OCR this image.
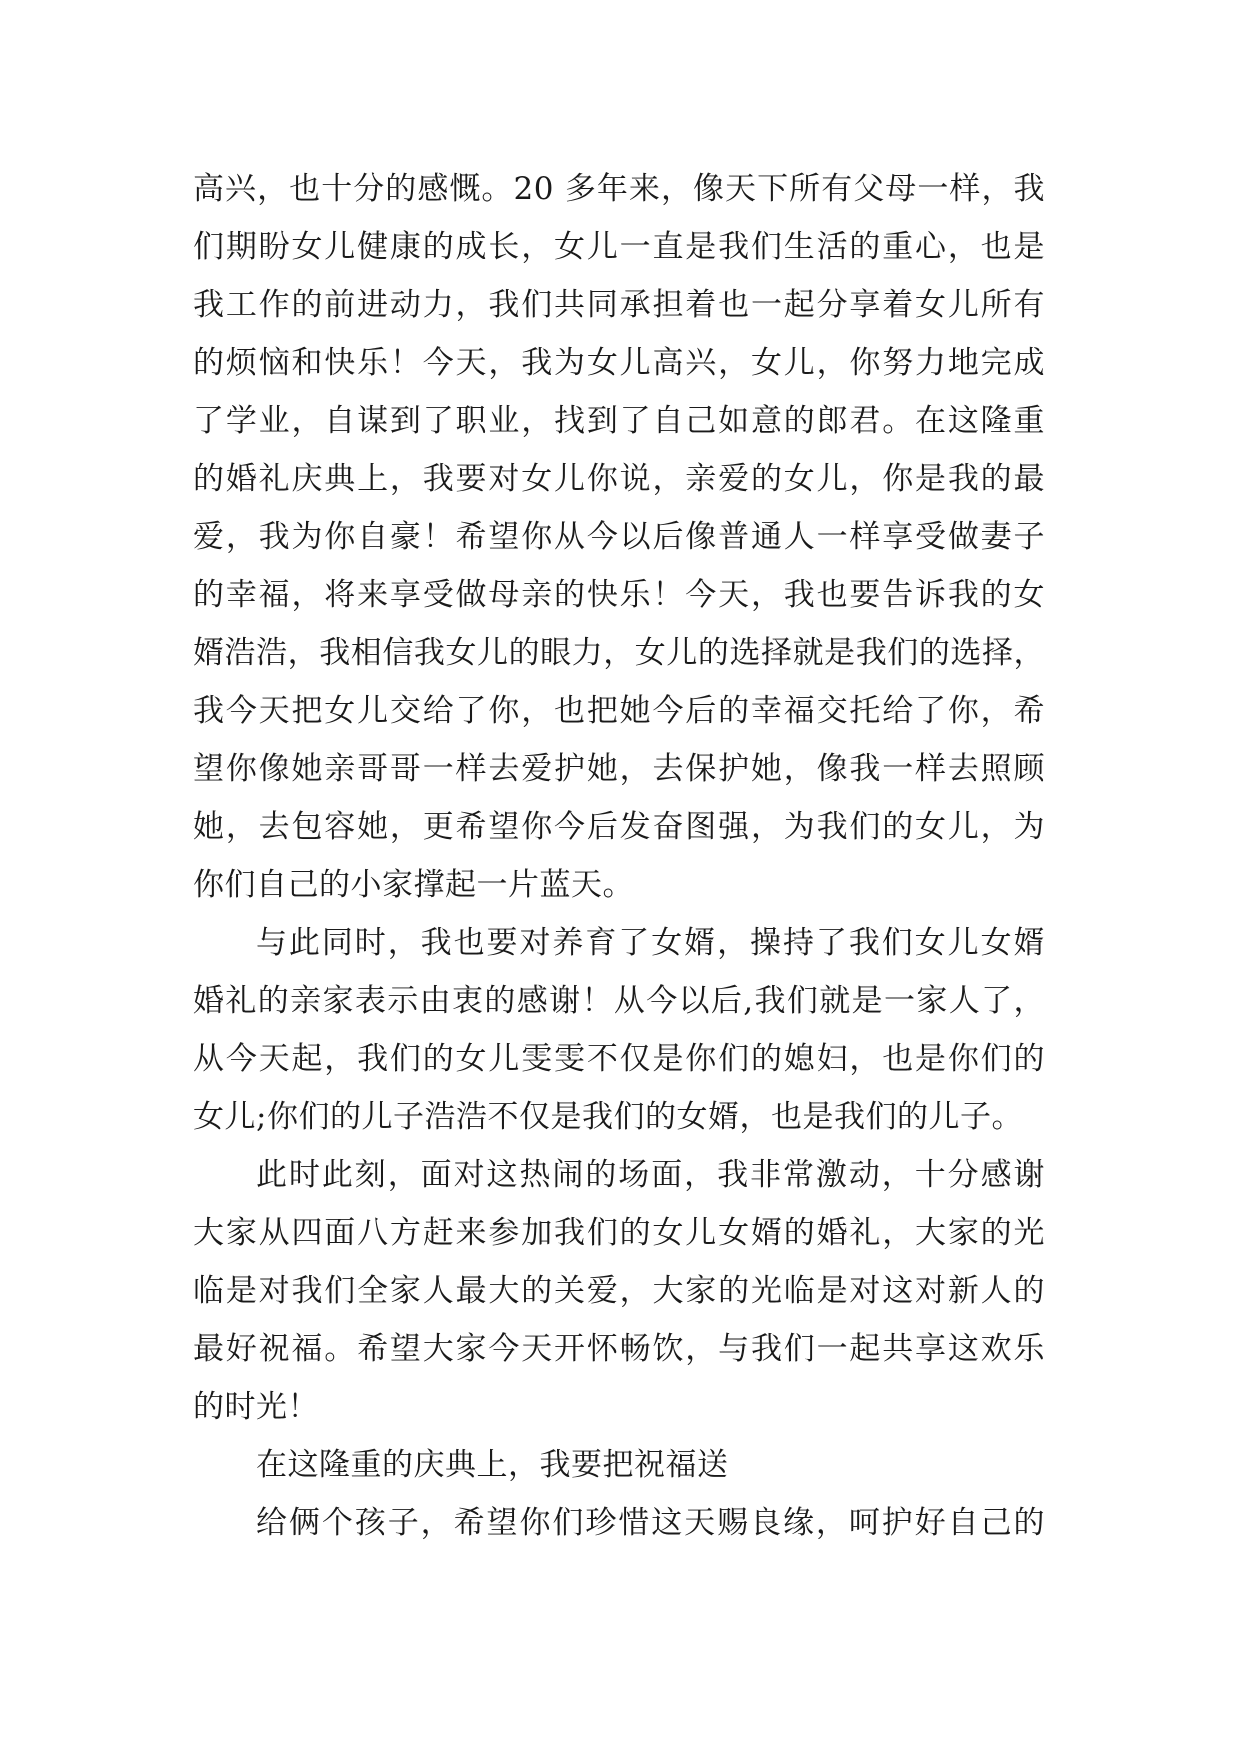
高兴，也十分的感慨。20 多年来，像天下所有父母一样，我
们期盼女儿健康的成长，女儿一直是我们生活的重心，也是
我工作的前进动力，我们共同承担着也一起分享着女儿所有
的烦恼和快乐！今天，我为女儿高兴，女儿，你努力地完成
了学业，自谋到了职业，找到了自己如意的郎君。在这隆重
的婚礼庆典上，我要对女儿你说，亲爱的女儿，你是我的最
爱，我为你自豪！希望你从今以后像普通人一样享受做妻子
的幸福，将来享受做母亲的快乐！今天，我也要告诉我的女
婿浩浩，我相信我女儿的眼力，女儿的选择就是我们的选择，
我今天把女儿交给了你，也把她今后的幸福交托给了你，希
望你像她亲哥哥一样去爱护她，去保护她，像我一样去照顾
她，去包容她，更希望你今后发奋图强，为我们的女儿，为
你们自己的小家撑起一片蓝天。
与此同时，我也要对养育了女婿，操持了我们女儿女婿
婚礼的亲家表示由衷的感谢！从今以后,我们就是一家人了，
从今天起，我们的女儿雯雯不仅是你们的媳妇，也是你们的
女儿;你们的儿子浩浩不仅是我们的女婿，也是我们的儿子。
此时此刻，面对这热闹的场面，我非常激动，十分感谢
大家从四面八方赶来参加我们的女儿女婿的婚礼，大家的光
临是对我们全家人最大的关爱，大家的光临是对这对新人的
最好祝福。希望大家今天开怀畅饮，与我们一起共享这欢乐
的时光！
在这隆重的庆典上，我要把祝福送
给俩个孩子，希望你们珍惜这天赐良缘，呵护好自己的
